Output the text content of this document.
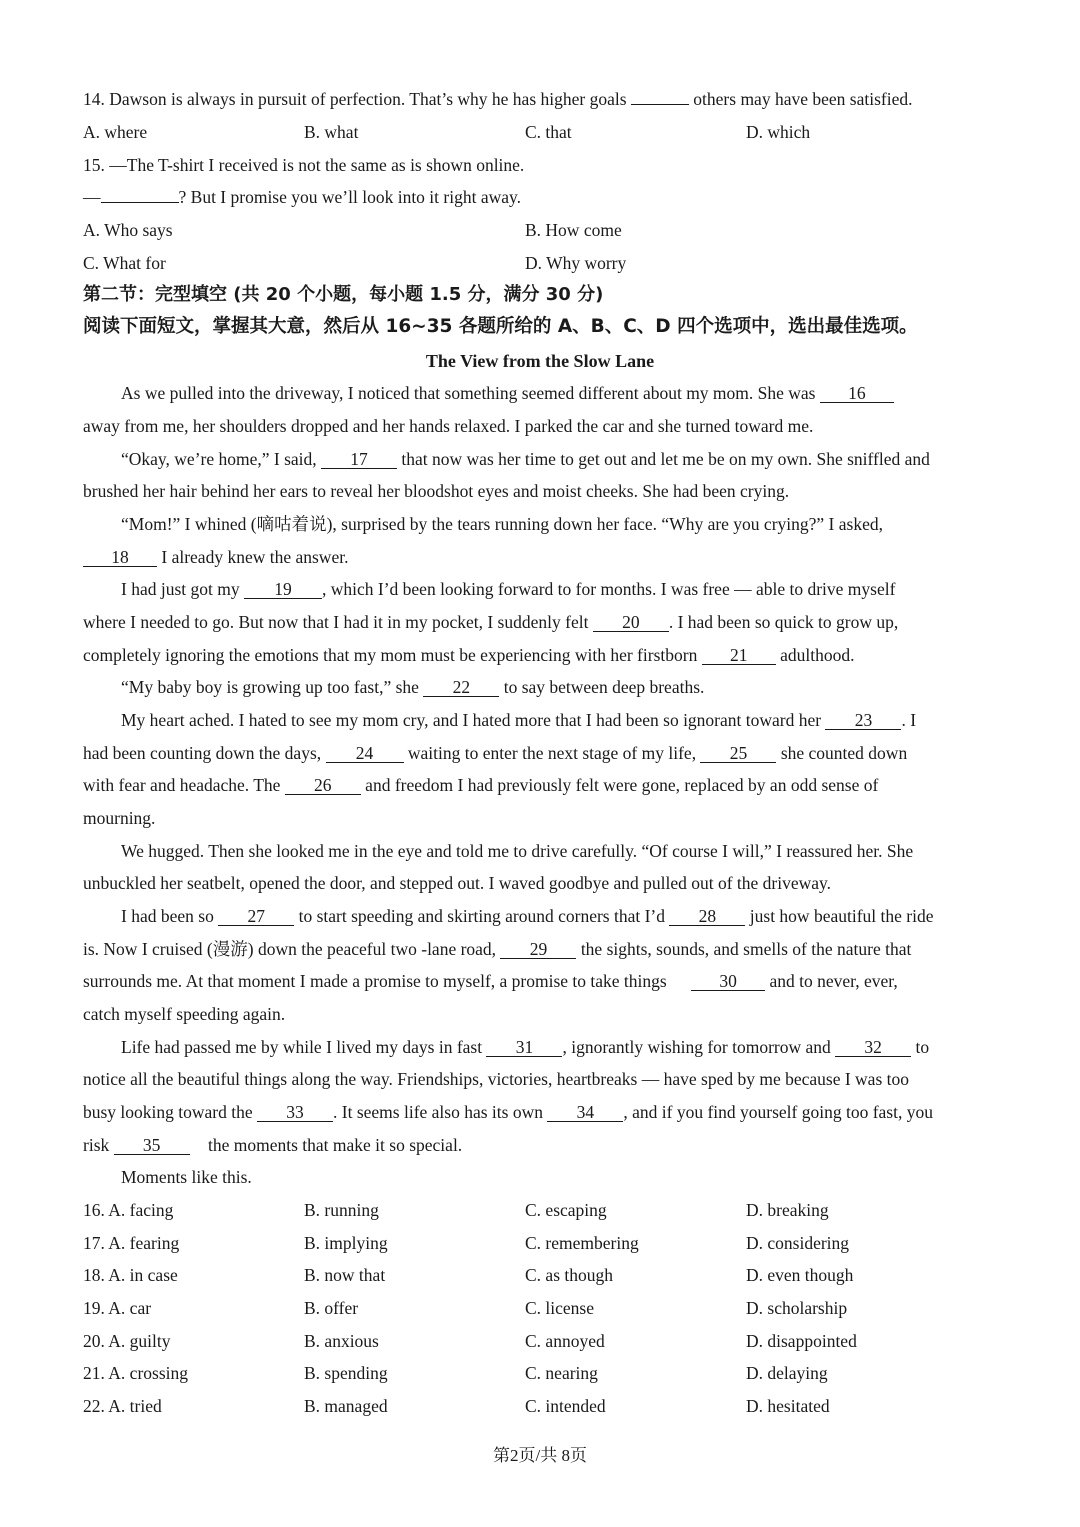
14. Dawson is always in pursuit of perfection. That’s why he has higher goals	others may have been satisfied.
A. where	B. what	C. that	D. which
15. —The T-shirt I received is not the same as is shown online.
—	? But I promise you we’ll look into it right away.
A. Who says	B. How come
C. What for	D. Why worry
第二节：完型填空 (共 20 个小题，每小题 1.5 分，满分 30 分)
阅读下面短文，掌握其大意，然后从 16~35 各题所给的 A、B、C、D 四个选项中，选出最佳选项。
The View from the Slow Lane
As we pulled into the driveway, I noticed that something seemed different about my mom. She was 16
away from me, her shoulders dropped and her hands relaxed. I parked the car and she turned toward me.
“Okay, we’re home,” I said, 17 that now was her time to get out and let me be on my own. She sniffled and
brushed her hair behind her ears to reveal her bloodshot eyes and moist cheeks. She had been crying.
“Mom!” I whined (嘀咕着说), surprised by the tears running down her face. “Why are you crying?” I asked,
18 I already knew the answer.
I had just got my 19 , which I’d been looking forward to for months. I was free — able to drive myself
where I needed to go. But now that I had it in my pocket, I suddenly felt 20 . I had been so quick to grow up,
completely ignoring the emotions that my mom must be experiencing with her firstborn 21 adulthood.
“My baby boy is growing up too fast,” she 22 to say between deep breaths.
My heart ached. I hated to see my mom cry, and I hated more that I had been so ignorant toward her 23 . I
had been counting down the days, 24 waiting to enter the next stage of my life, 25 she counted down
with fear and headache. The 26 and freedom I had previously felt were gone, replaced by an odd sense of
mourning.
We hugged. Then she looked me in the eye and told me to drive carefully. “Of course I will,” I reassured her. She
unbuckled her seatbelt, opened the door, and stepped out. I waved goodbye and pulled out of the driveway.
I had been so 27 to start speeding and skirting around corners that I’d 28 just how beautiful the ride
is. Now I cruised (漫游) down the peaceful two -lane road, 29 the sights, sounds, and smells of the nature that
surrounds me. At that moment I made a promise to myself, a promise to take things	30 and to never, ever,
catch myself speeding again.
Life had passed me by while I lived my days in fast 31 , ignorantly wishing for tomorrow and 32 to
notice all the beautiful things along the way. Friendships, victories, heartbreaks — have sped by me because I was too
busy looking toward the 33 . It seems life also has its own 34 , and if you find yourself going too fast, you
risk 35 the moments that make it so special.
Moments like this.
16. A. facing	B. running	C. escaping	D. breaking
17. A. fearing	B. implying	C. remembering	D. considering
18. A. in case	B. now that	C. as though	D. even though
19. A. car	B. offer	C. license	D. scholarship
20. A. guilty	B. anxious	C. annoyed	D. disappointed
21. A. crossing	B. spending	C. nearing	D. delaying
22. A. tried	B. managed	C. intended	D. hesitated
第2页/共 8页
